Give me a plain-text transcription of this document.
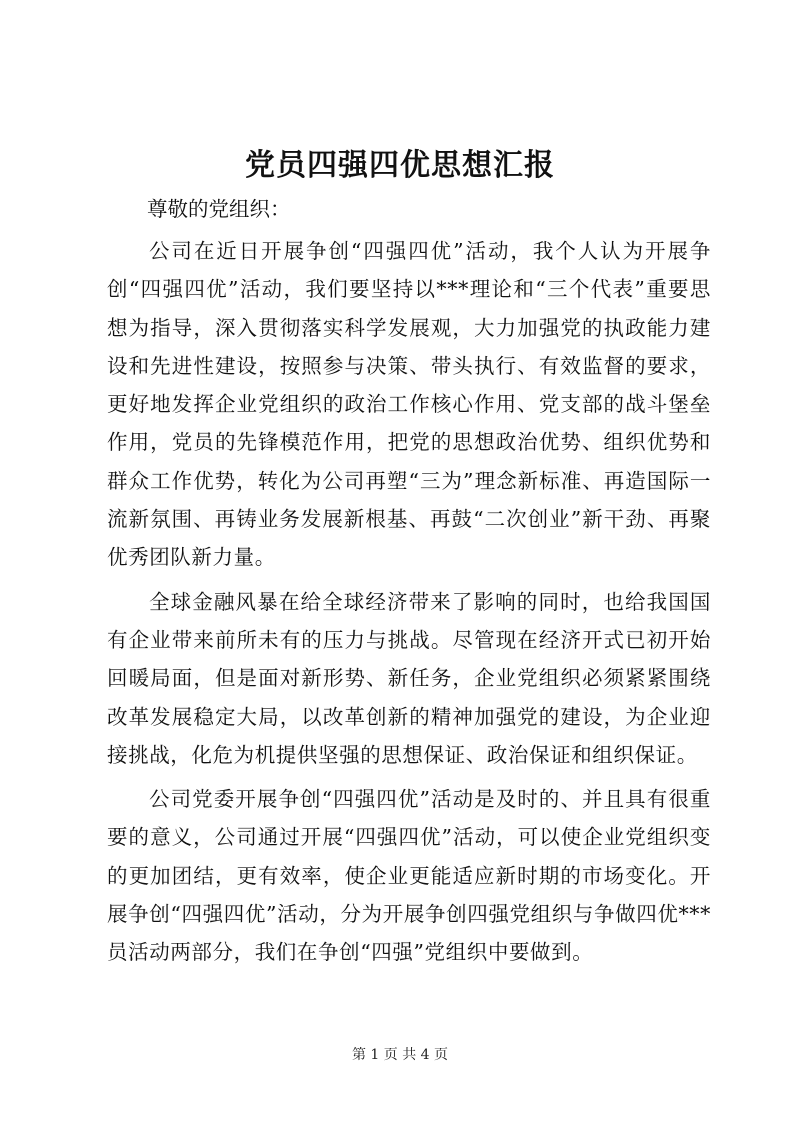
党员四强四优思想汇报

尊敬的党组织：

公司在近日开展争创“四强四优”活动，我个人认为开展争创“四强四优”活动，我们要坚持以***理论和“三个代表”重要思想为指导，深入贯彻落实科学发展观，大力加强党的执政能力建设和先进性建设，按照参与决策、带头执行、有效监督的要求，更好地发挥企业党组织的政治工作核心作用、党支部的战斗堡垒作用，党员的先锋模范作用，把党的思想政治优势、组织优势和群众工作优势，转化为公司再塑“三为”理念新标准、再造国际一流新氛围、再铸业务发展新根基、再鼓“二次创业”新干劲、再聚优秀团队新力量。

全球金融风暴在给全球经济带来了影响的同时，也给我国国有企业带来前所未有的压力与挑战。尽管现在经济开式已初开始回暖局面，但是面对新形势、新任务，企业党组织必须紧紧围绕改革发展稳定大局，以改革创新的精神加强党的建设，为企业迎接挑战，化危为机提供坚强的思想保证、政治保证和组织保证。

公司党委开展争创“四强四优”活动是及时的、并且具有很重要的意义，公司通过开展“四强四优”活动，可以使企业党组织变的更加团结，更有效率，使企业更能适应新时期的市场变化。开展争创“四强四优”活动，分为开展争创四强党组织与争做四优***员活动两部分，我们在争创“四强”党组织中要做到。

第 1 页 共 4 页
